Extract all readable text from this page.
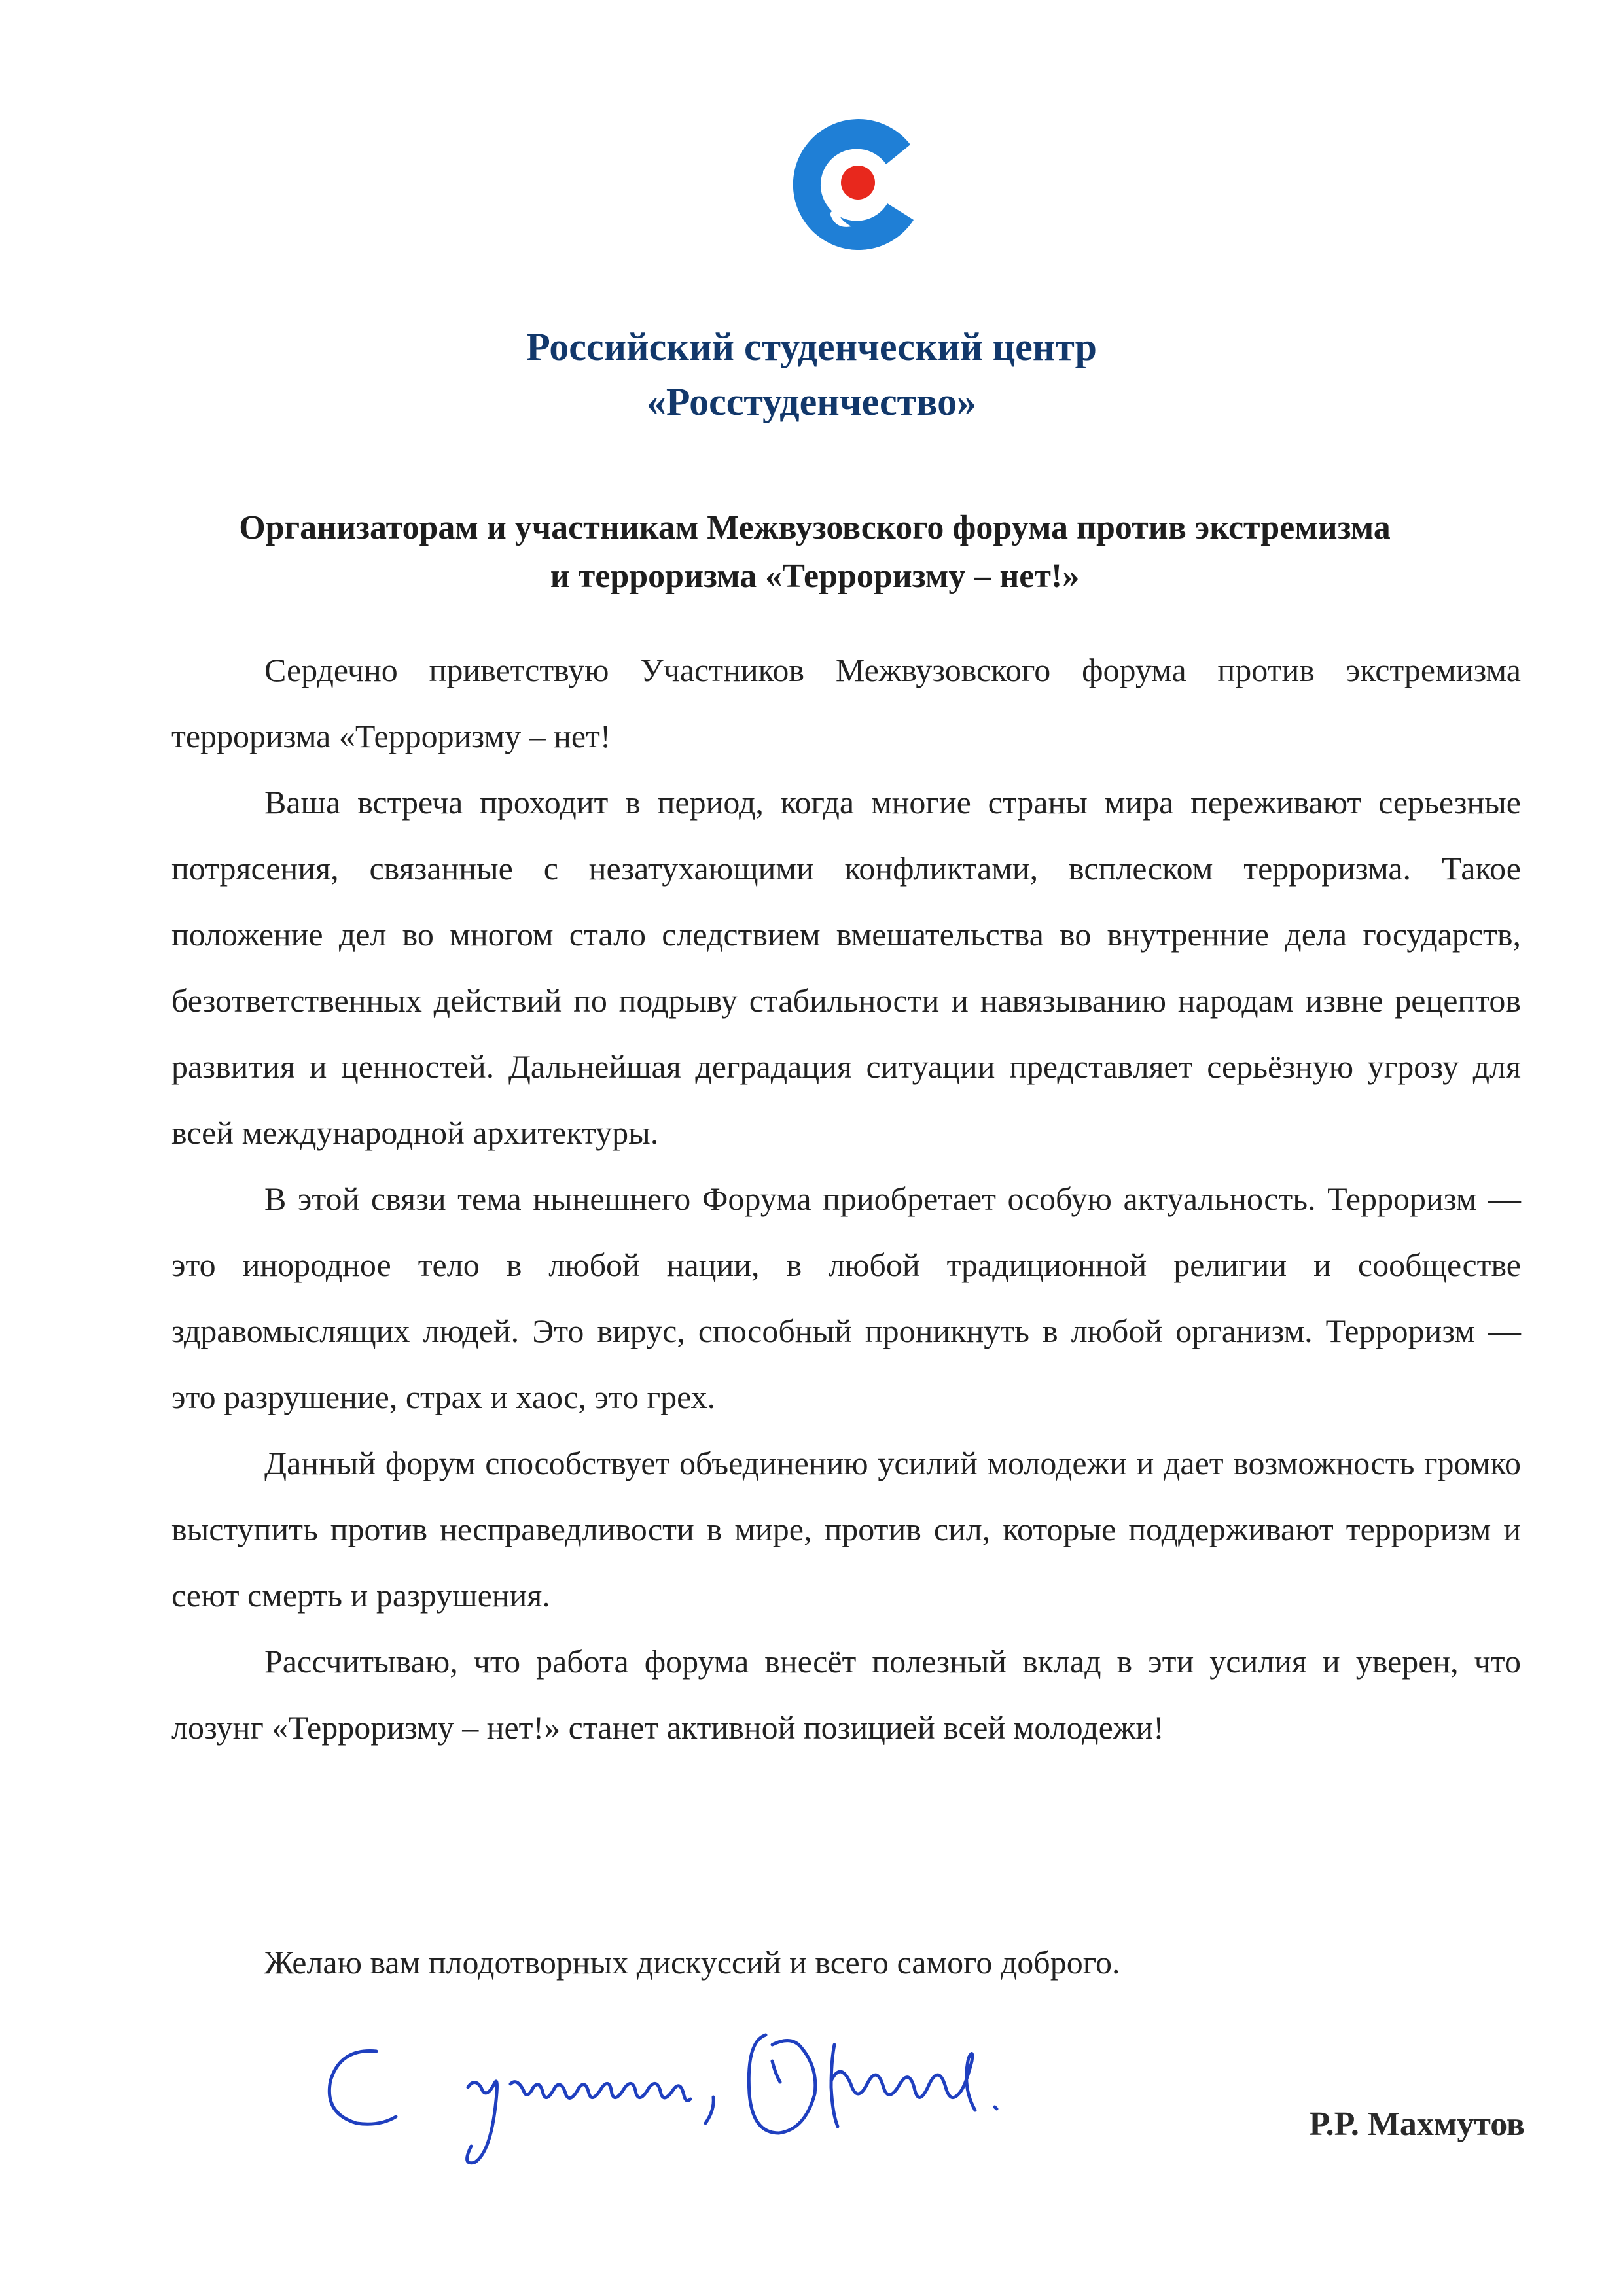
Российский студенческий центр
«Росстуденчество»
Организаторам и участникам Межвузовского форума против экстремизма
и терроризма «Терроризму – нет!»

Сердечно приветствую Участников Межвузовского форума против экстремизма терроризма «Терроризму – нет!

Ваша встреча проходит в период, когда многие страны мира переживают серьезные потрясения, связанные с незатухающими конфликтами, всплеском терроризма. Такое положение дел во многом стало следствием вмешательства во внутренние дела государств, безответственных действий по подрыву стабильности и навязыванию народам извне рецептов развития и ценностей. Дальнейшая деградация ситуации представляет серьёзную угрозу для всей международной архитектуры.

В этой связи тема нынешнего Форума приобретает особую актуальность. Терроризм — это инородное тело в любой нации, в любой традиционной религии и сообществе здравомыслящих людей. Это вирус, способный проникнуть в любой организм. Терроризм — это разрушение, страх и хаос, это грех.

Данный форум способствует объединению усилий молодежи и дает возможность громко выступить против несправедливости в мире, против сил, которые поддерживают терроризм и сеют смерть и разрушения.

Рассчитываю, что работа форума внесёт полезный вклад в эти усилия и уверен, что лозунг «Терроризму – нет!» станет активной позицией всей молодежи!

Желаю вам плодотворных дискуссий и всего самого доброго.
Р.Р. Махмутов
